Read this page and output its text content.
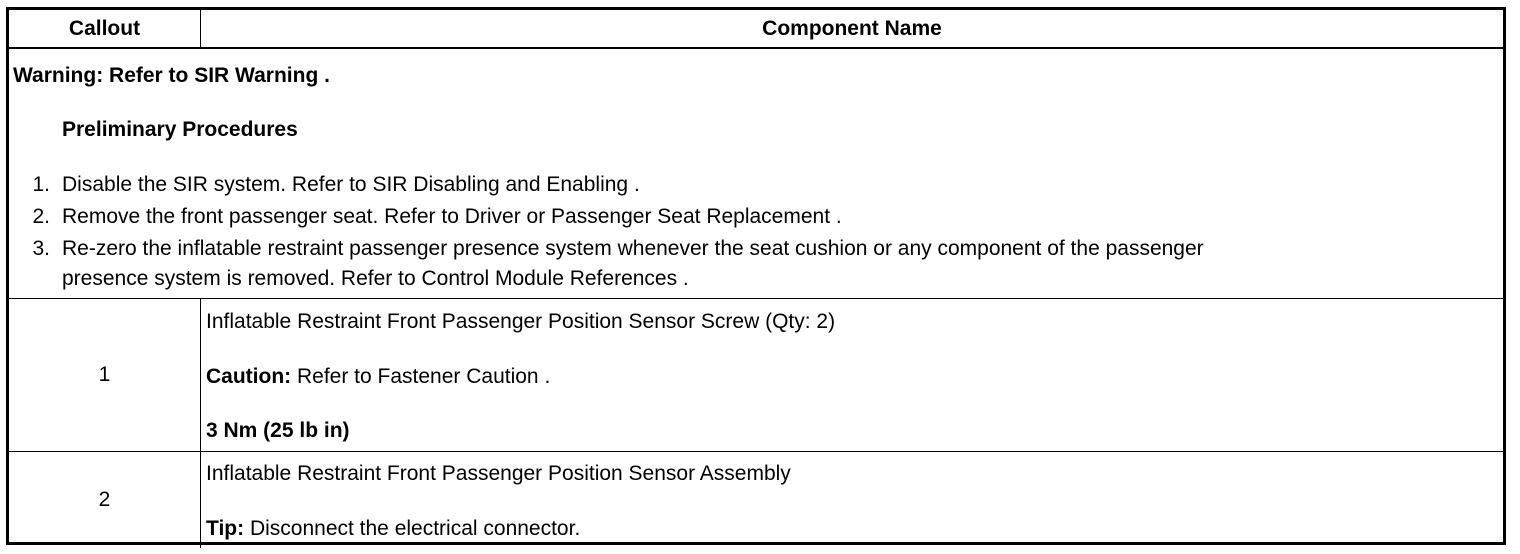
Callout	Component Name
Warning: Refer to SIR Warning .
Preliminary Procedures
1. Disable the SIR system. Refer to SIR Disabling and Enabling .
2. Remove the front passenger seat. Refer to Driver or Passenger Seat Replacement .
3. Re-zero the inflatable restraint passenger presence system whenever the seat cushion or any component of the passenger
presence system is removed. Refer to Control Module References .
1
Inflatable Restraint Front Passenger Position Sensor Screw (Qty: 2)
Caution: Refer to Fastener Caution .
3 Nm (25 lb in)
2
Inflatable Restraint Front Passenger Position Sensor Assembly
Tip: Disconnect the electrical connector.
